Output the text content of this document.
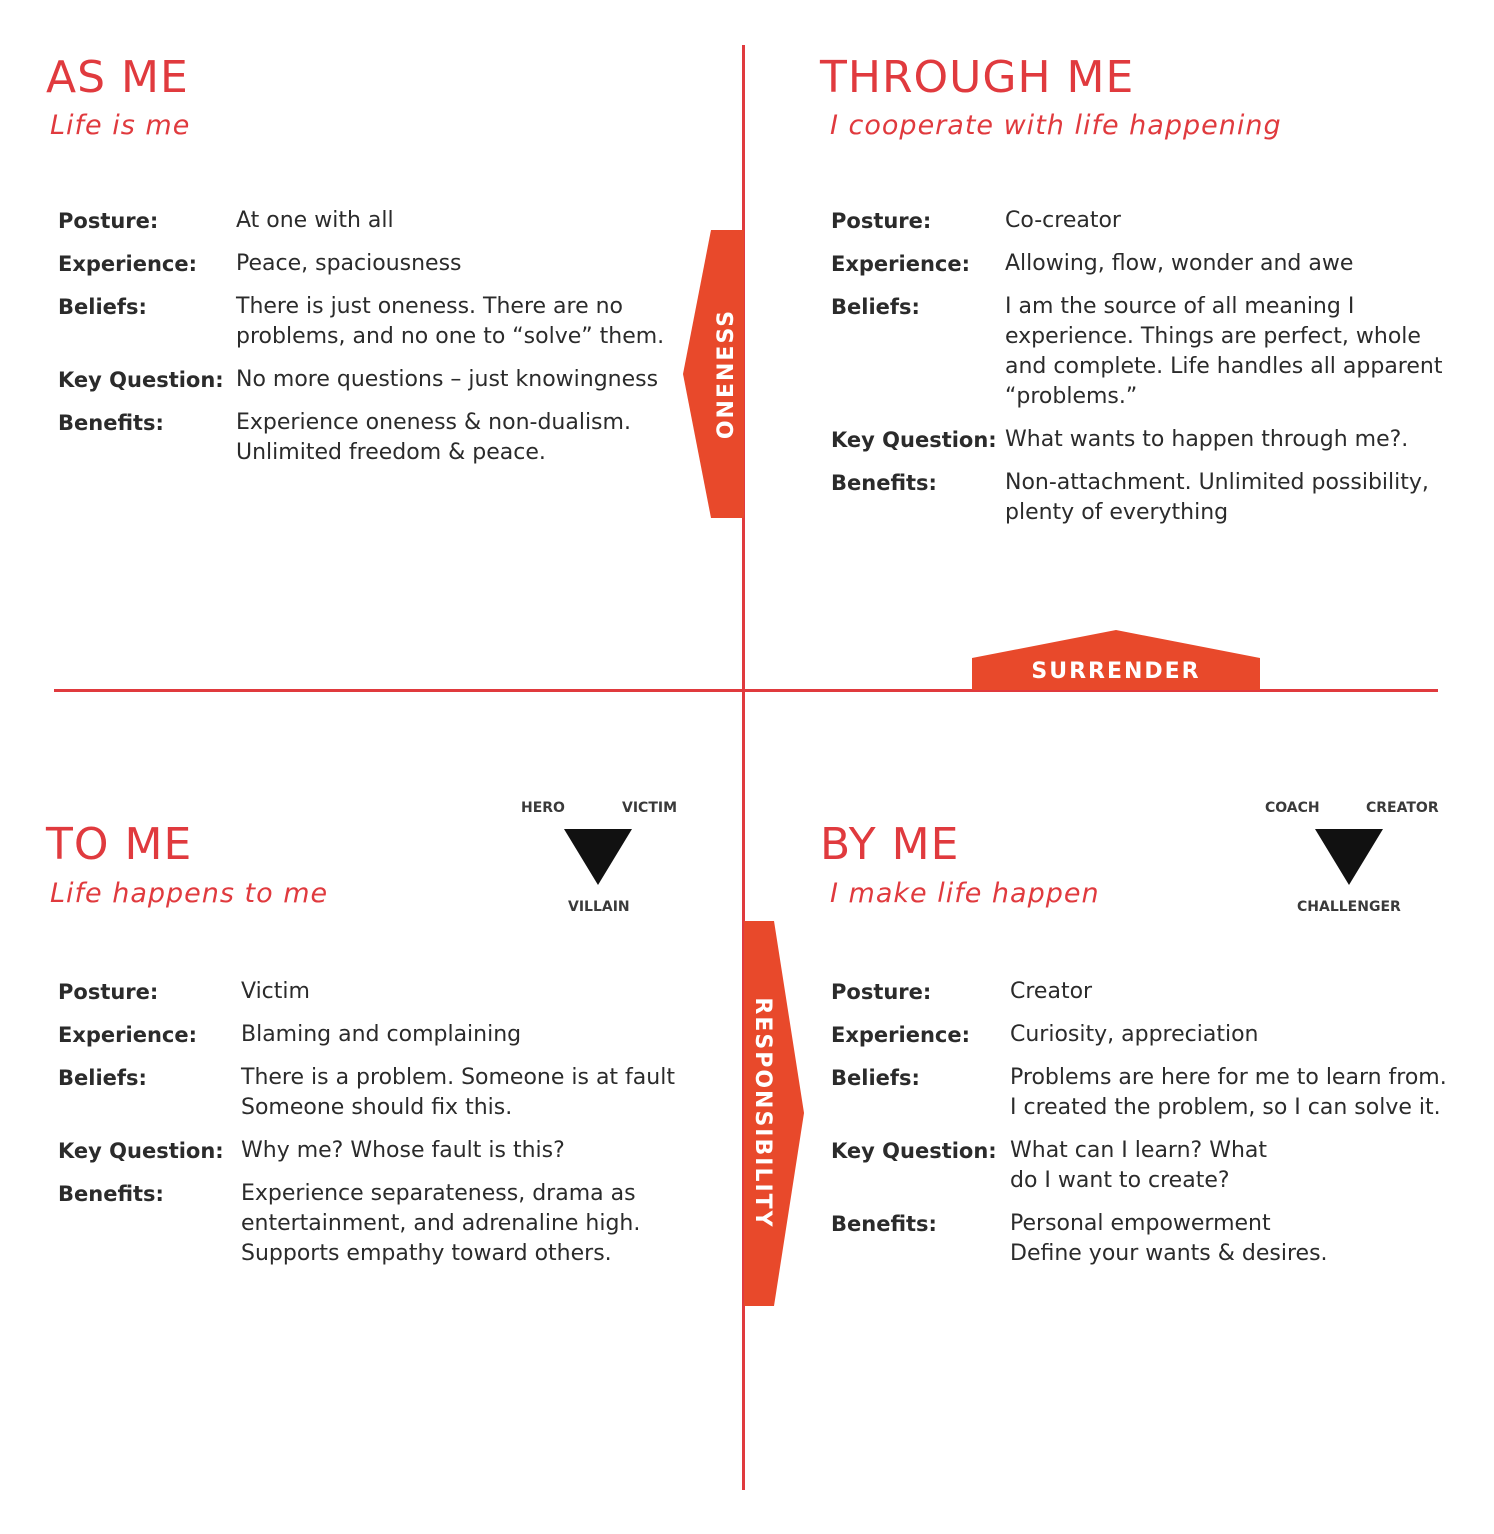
AS ME
Life is me
Posture:	At one with all
Experience:	Peace, spaciousness
Beliefs:	There is just oneness. There are no problems, and no one to “solve” them.
Key Question: No more questions – just knowingness
Benefits:	Experience oneness & non-dualism. Unlimited freedom & peace.
THROUGH ME
I cooperate with life happening
Posture:	Co-creator
Experience:	Allowing, flow, wonder and awe
Beliefs:	I am the source of all meaning I experience. Things are perfect, whole and complete. Life handles all apparent “problems.”
Key Question: What wants to happen through me?.
Benefits:	Non-attachment. Unlimited possibility, plenty of everything
TO ME
Life happens to me
HERO	VICTIM
VILLAIN
Posture:	Victim
Experience:	Blaming and complaining
Beliefs:	There is a problem. Someone is at fault Someone should fix this.
Key Question: Why me? Whose fault is this?
Benefits:	Experience separateness, drama as entertainment, and adrenaline high. Supports empathy toward others.
BY ME
I make life happen
COACH	CREATOR
CHALLENGER
Posture:	Creator
Experience:	Curiosity, appreciation
Beliefs:	Problems are here for me to learn from. I created the problem, so I can solve it.
Key Question: What can I learn? What do I want to create?
Benefits:	Personal empowerment Define your wants & desires.
ONENESS
SURRENDER
RESPONSIBILITY
